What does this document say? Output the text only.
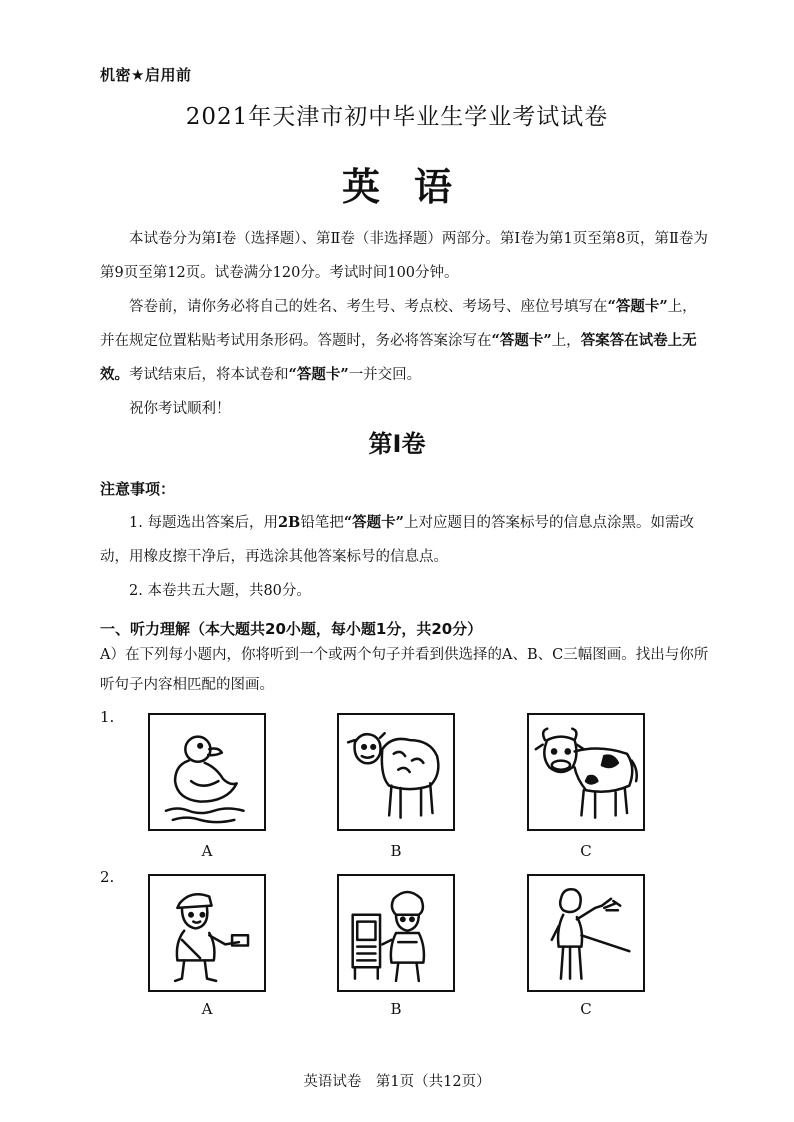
机密★启用前
2021年天津市初中毕业生学业考试试卷
英语

本试卷分为第Ⅰ卷（选择题）、第Ⅱ卷（非选择题）两部分。第Ⅰ卷为第1页至第8页，第Ⅱ卷为第9页至第12页。试卷满分120分。考试时间100分钟。

答卷前，请你务必将自己的姓名、考生号、考点校、考场号、座位号填写在“答题卡”上，并在规定位置粘贴考试用条形码。答题时，务必将答案涂写在“答题卡”上，答案答在试卷上无效。考试结束后，将本试卷和“答题卡”一并交回。

祝你考试顺利！

第Ⅰ卷
注意事项：

1. 每题选出答案后，用2B铅笔把“答题卡”上对应题目的答案标号的信息点涂黑。如需改动，用橡皮擦干净后，再选涂其他答案标号的信息点。

2. 本卷共五大题，共80分。

一、听力理解（本大题共20小题，每小题1分，共20分）

A）在下列每小题内，你将听到一个或两个句子并看到供选择的A、B、C三幅图画。找出与你所听句子内容相匹配的图画。

1.
A	B	C
2.
A	B	C
英语试卷　第1页（共12页）
